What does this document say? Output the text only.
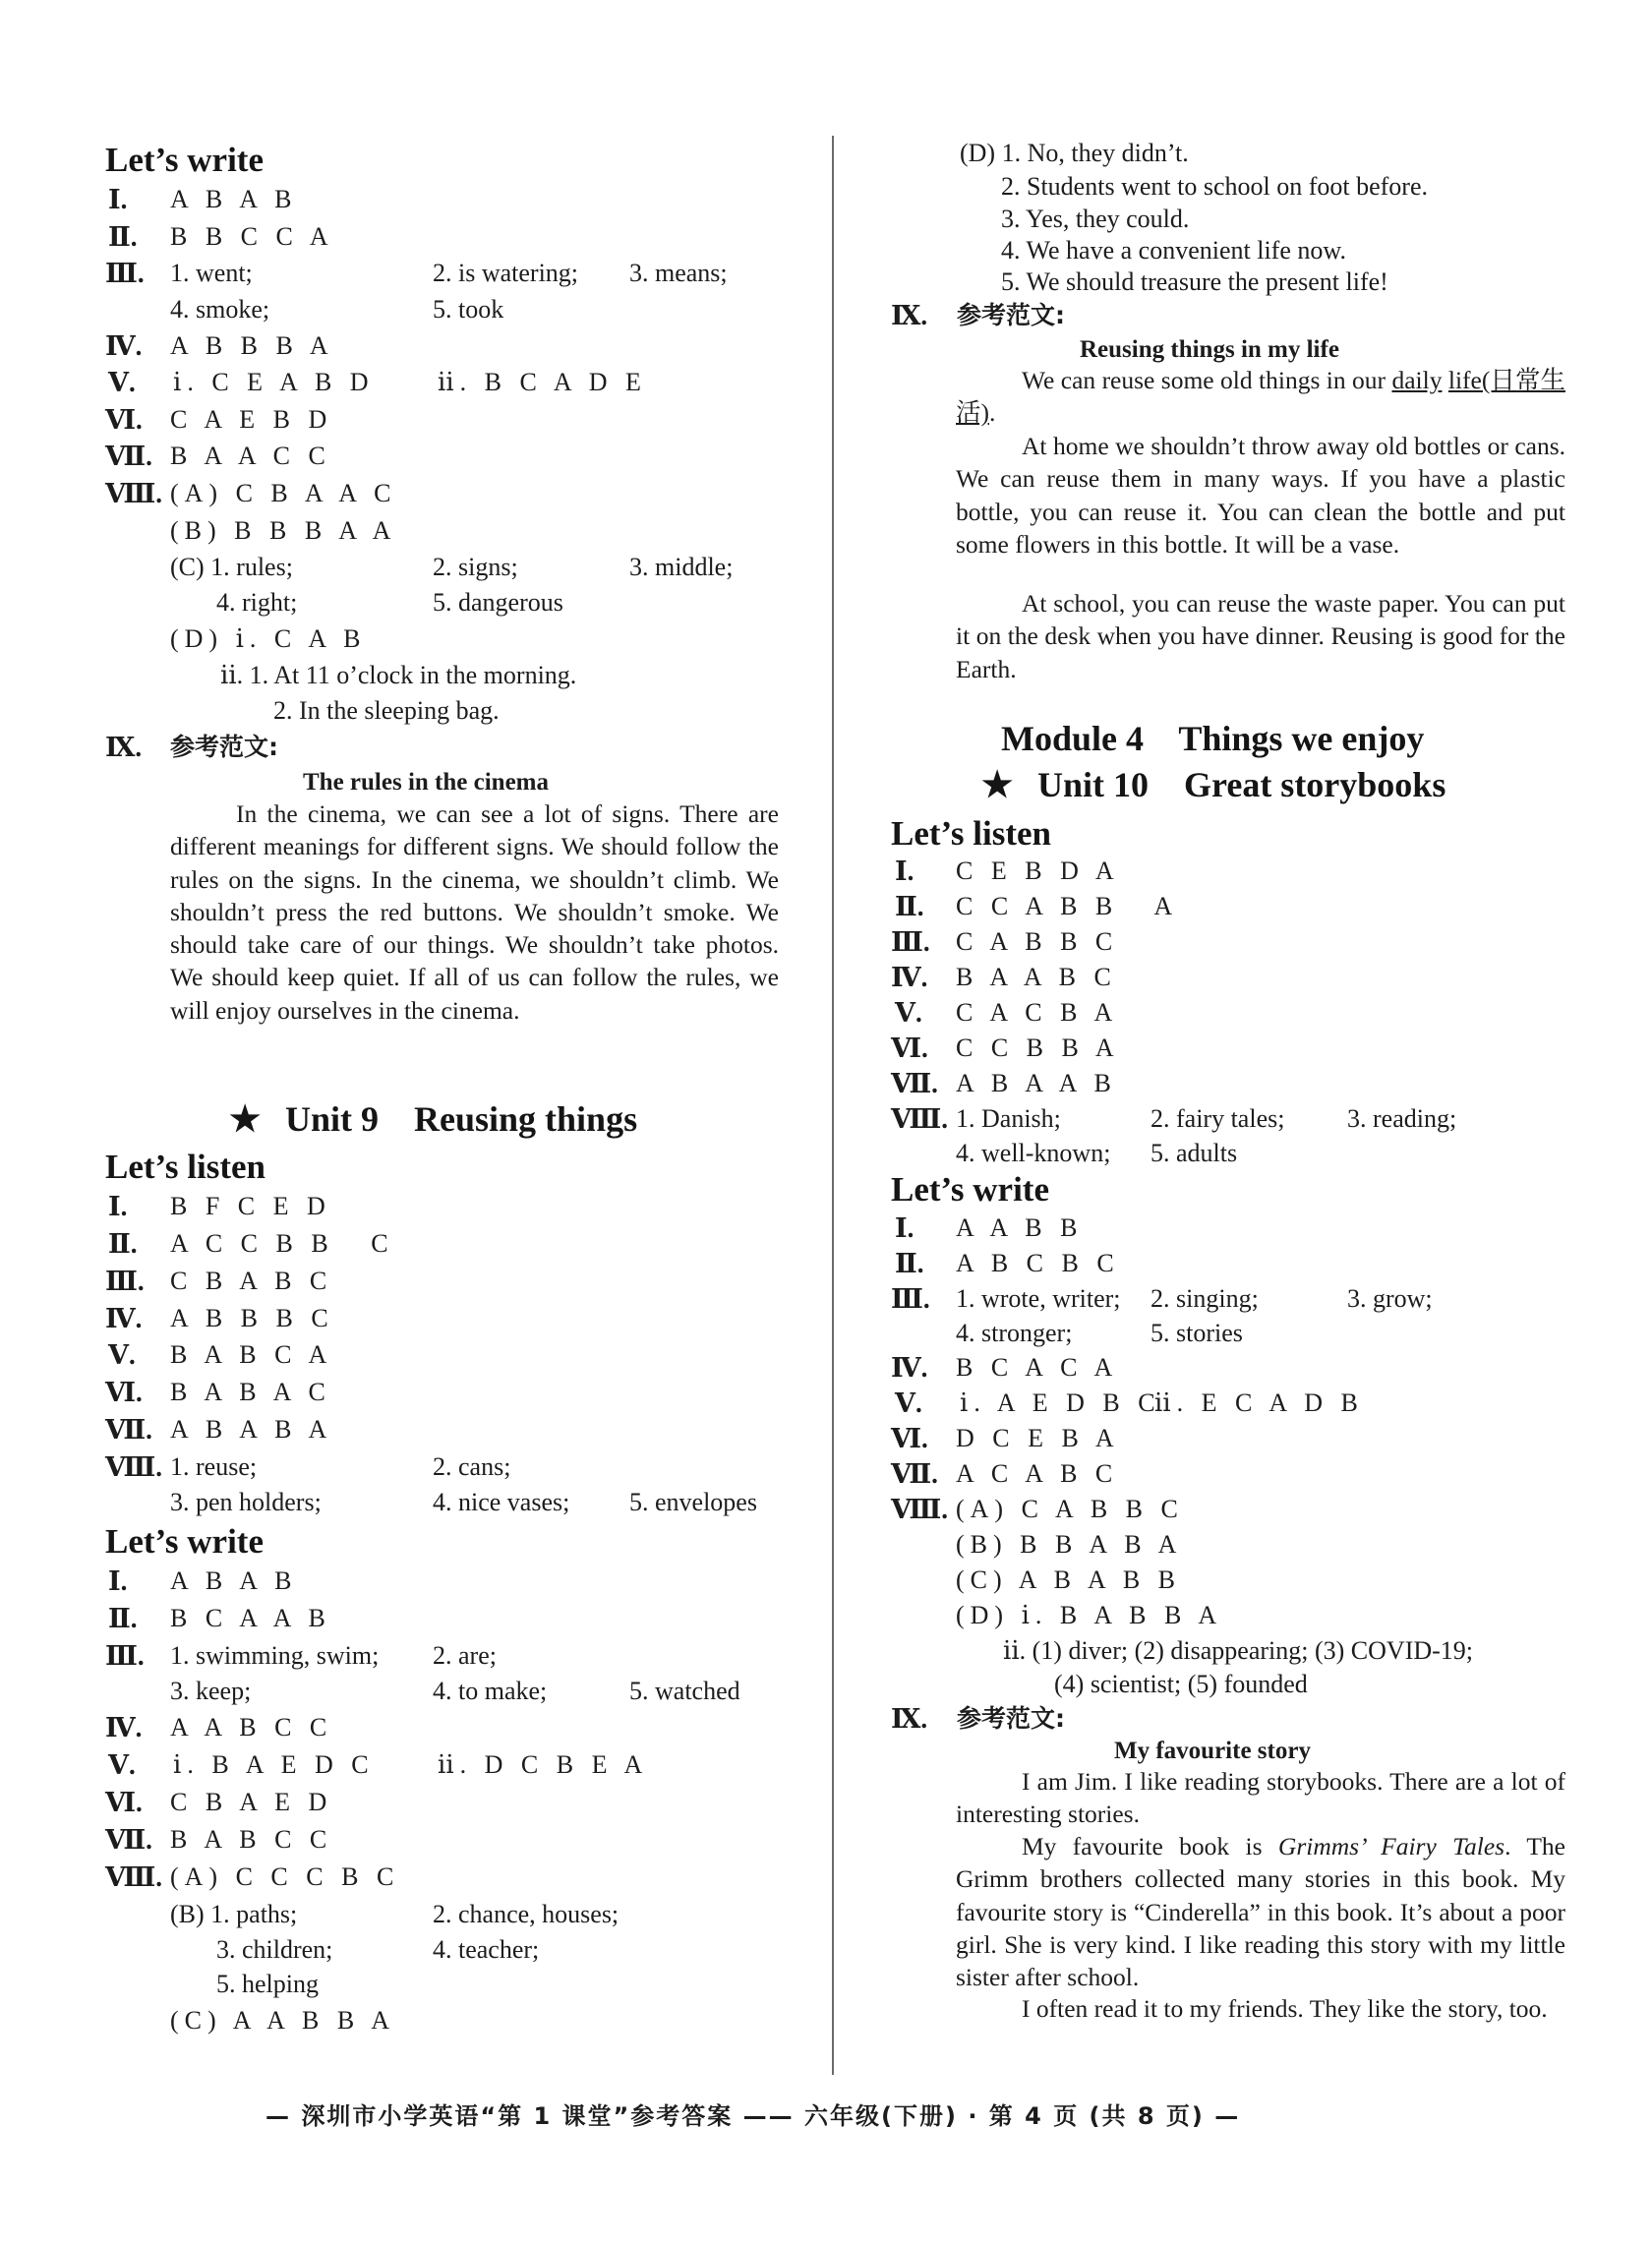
Let’s write
Ⅰ. A B A B
Ⅱ. B B C C A
Ⅲ. 1. went;	2. is watering; 3. means;
4. smoke;	5. took
Ⅳ. A B B B A
Ⅴ. ⅰ. C E A B D ⅱ. B C A D E
Ⅵ. C A E B D
Ⅶ. B A A C C
Ⅷ. (A) C B A A C
(B) B B B A A
(C) 1. rules;	2. signs;	3. middle;
4. right;	5. dangerous
(D) ⅰ. C A B
ⅱ. 1. At 11 o’clock in the morning.
2. In the sleeping bag.
Ⅸ. 参考范文:
The rules in the cinema
In the cinema, we can see a lot of signs. There are different meanings for different signs. We should follow the rules on the signs. In the cinema, we shouldn’t climb. We shouldn’t press the red buttons. We shouldn’t smoke. We should take care of our things. We shouldn’t take photos. We should keep quiet. If all of us can follow the rules, we will enjoy ourselves in the cinema.
★ Unit 9    Reusing things
Let’s listen
Ⅰ. B F C E D
Ⅱ. A C C B B   C
Ⅲ. C B A B C
Ⅳ. A B B B C
Ⅴ. B A B C A
Ⅵ. B A B A C
Ⅶ. A B A B A
Ⅷ. 1. reuse;	2. cans;
3. pen holders;	4. nice vases; 5. envelopes
Let’s write
Ⅰ. A B A B
Ⅱ. B C A A B
Ⅲ. 1. swimming, swim; 2. are;
3. keep;	4. to make;	5. watched
Ⅳ. A A B C C
Ⅴ. ⅰ. B A E D C ⅱ. D C B E A
Ⅵ. C B A E D
Ⅶ. B A B C C
Ⅷ. (A) C C C B C
(B) 1. paths;	2. chance, houses;
3. children;	4. teacher;
5. helping
(C) A A B B A
(D) 1. No, they didn’t.
2. Students went to school on foot before.
3. Yes, they could.
4. We have a convenient life now.
5. We should treasure the present life!
Ⅸ. 参考范文:
Reusing things in my life
We can reuse some old things in our daily life(日常生活).
At home we shouldn’t throw away old bottles or cans. We can reuse them in many ways. If you have a plastic bottle, you can reuse it. You can clean the bottle and put some flowers in this bottle. It will be a vase.
At school, you can reuse the waste paper. You can put it on the desk when you have dinner. Reusing is good for the Earth.
Module 4    Things we enjoy
★ Unit 10    Great storybooks
Let’s listen
Ⅰ. C E B D A
Ⅱ. C C A B B   A
Ⅲ. C A B B C
Ⅳ. B A A B C
Ⅴ. C A C B A
Ⅵ. C C B B A
Ⅶ. A B A A B
Ⅷ. 1. Danish;	2. fairy tales; 3. reading;
4. well-known; 5. adults
Let’s write
Ⅰ. A A B B
Ⅱ. A B C B C
Ⅲ. 1. wrote, writer; 2. singing;	3. grow;
4. stronger;	5. stories
Ⅳ. B C A C A
Ⅴ. ⅰ. A E D B C
ⅱ. E C A D B
Ⅵ. D C E B A
Ⅶ. A C A B C
Ⅷ. (A) C A B B C
(B) B B A B A
(C) A B A B B
(D) ⅰ. B A B B A
ⅱ. (1) diver; (2) disappearing; (3) COVID-19;
(4) scientist; (5) founded
Ⅸ. 参考范文:
My favourite story
I am Jim. I like reading storybooks. There are a lot of interesting stories.
My favourite book is Grimms’ Fairy Tales. The Grimm brothers collected many stories in this book. My favourite story is “Cinderella” in this book. It’s about a poor girl. She is very kind. I like reading this story with my little sister after school.
I often read it to my friends. They like the story, too.
— 深圳市小学英语“第 1 课堂”参考答案 —— 六年级(下册) · 第 4 页 (共 8 页) —
